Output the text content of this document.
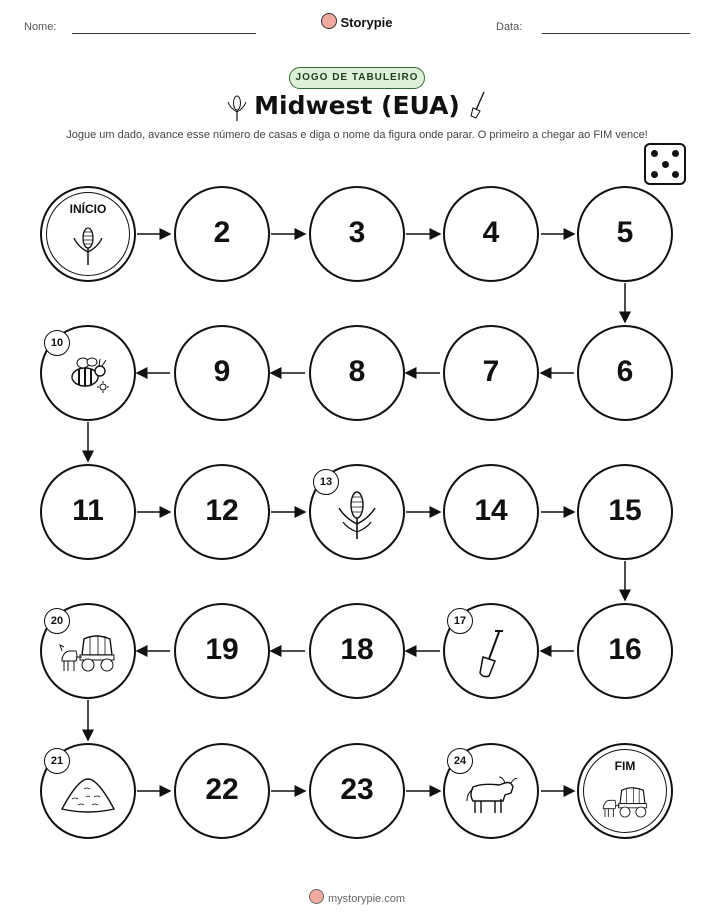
Nome:	Storypie	Data:
JOGO DE TABULEIRO
Midwest (EUA)
Jogue um dado, avance esse número de casas e diga o nome da figura onde parar. O primeiro a chegar ao FIM vence!
INÍCIO
2	3	4	5
10
9	8	7	6
11	12
13
14	15
20
19	18
17
16
21
22	23
24	FIM
mystorypie.com
